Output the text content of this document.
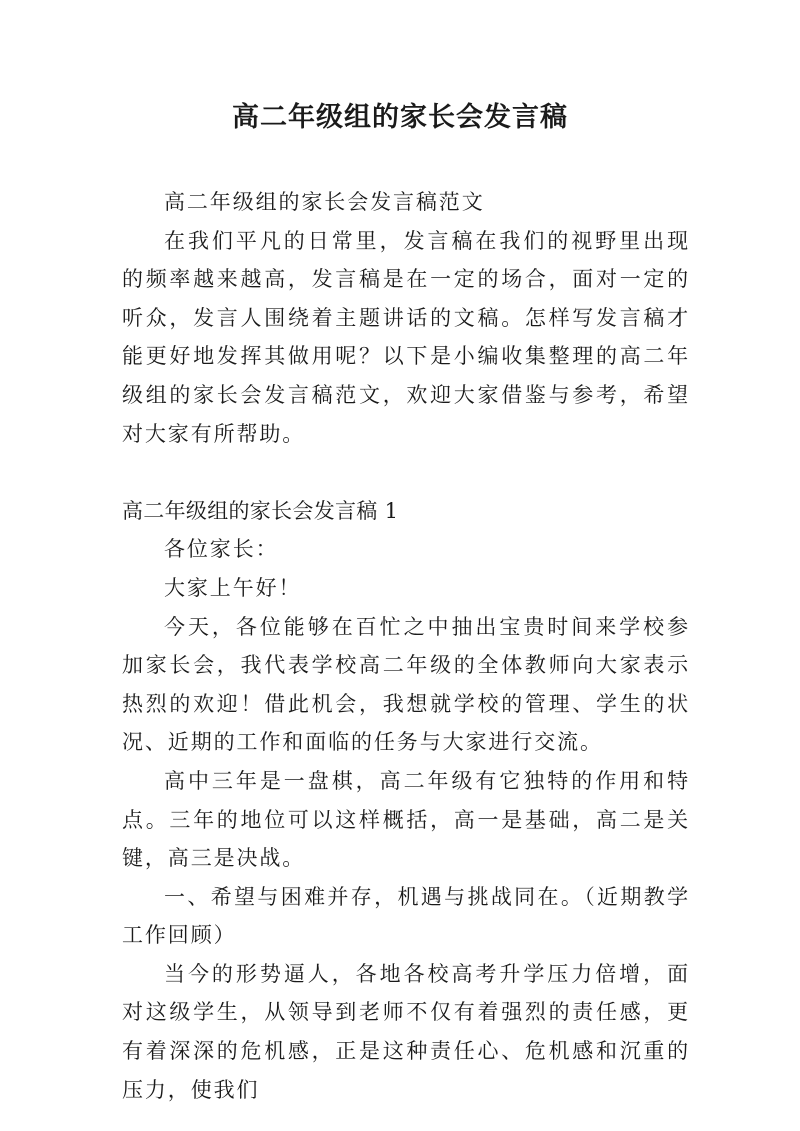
高二年级组的家长会发言稿

高二年级组的家长会发言稿范文

在我们平凡的日常里，发言稿在我们的视野里出现的频率越来越高，发言稿是在一定的场合，面对一定的听众，发言人围绕着主题讲话的文稿。怎样写发言稿才能更好地发挥其做用呢？以下是小编收集整理的高二年级组的家长会发言稿范文，欢迎大家借鉴与参考，希望对大家有所帮助。

高二年级组的家长会发言稿 1

各位家长：

大家上午好！

今天，各位能够在百忙之中抽出宝贵时间来学校参加家长会，我代表学校高二年级的全体教师向大家表示热烈的欢迎！借此机会，我想就学校的管理、学生的状况、近期的工作和面临的任务与大家进行交流。

高中三年是一盘棋，高二年级有它独特的作用和特点。三年的地位可以这样概括，高一是基础，高二是关键，高三是决战。

一、希望与困难并存，机遇与挑战同在。（近期教学工作回顾）

当今的形势逼人，各地各校高考升学压力倍增，面对这级学生，从领导到老师不仅有着强烈的责任感，更有着深深的危机感，正是这种责任心、危机感和沉重的压力，使我们
